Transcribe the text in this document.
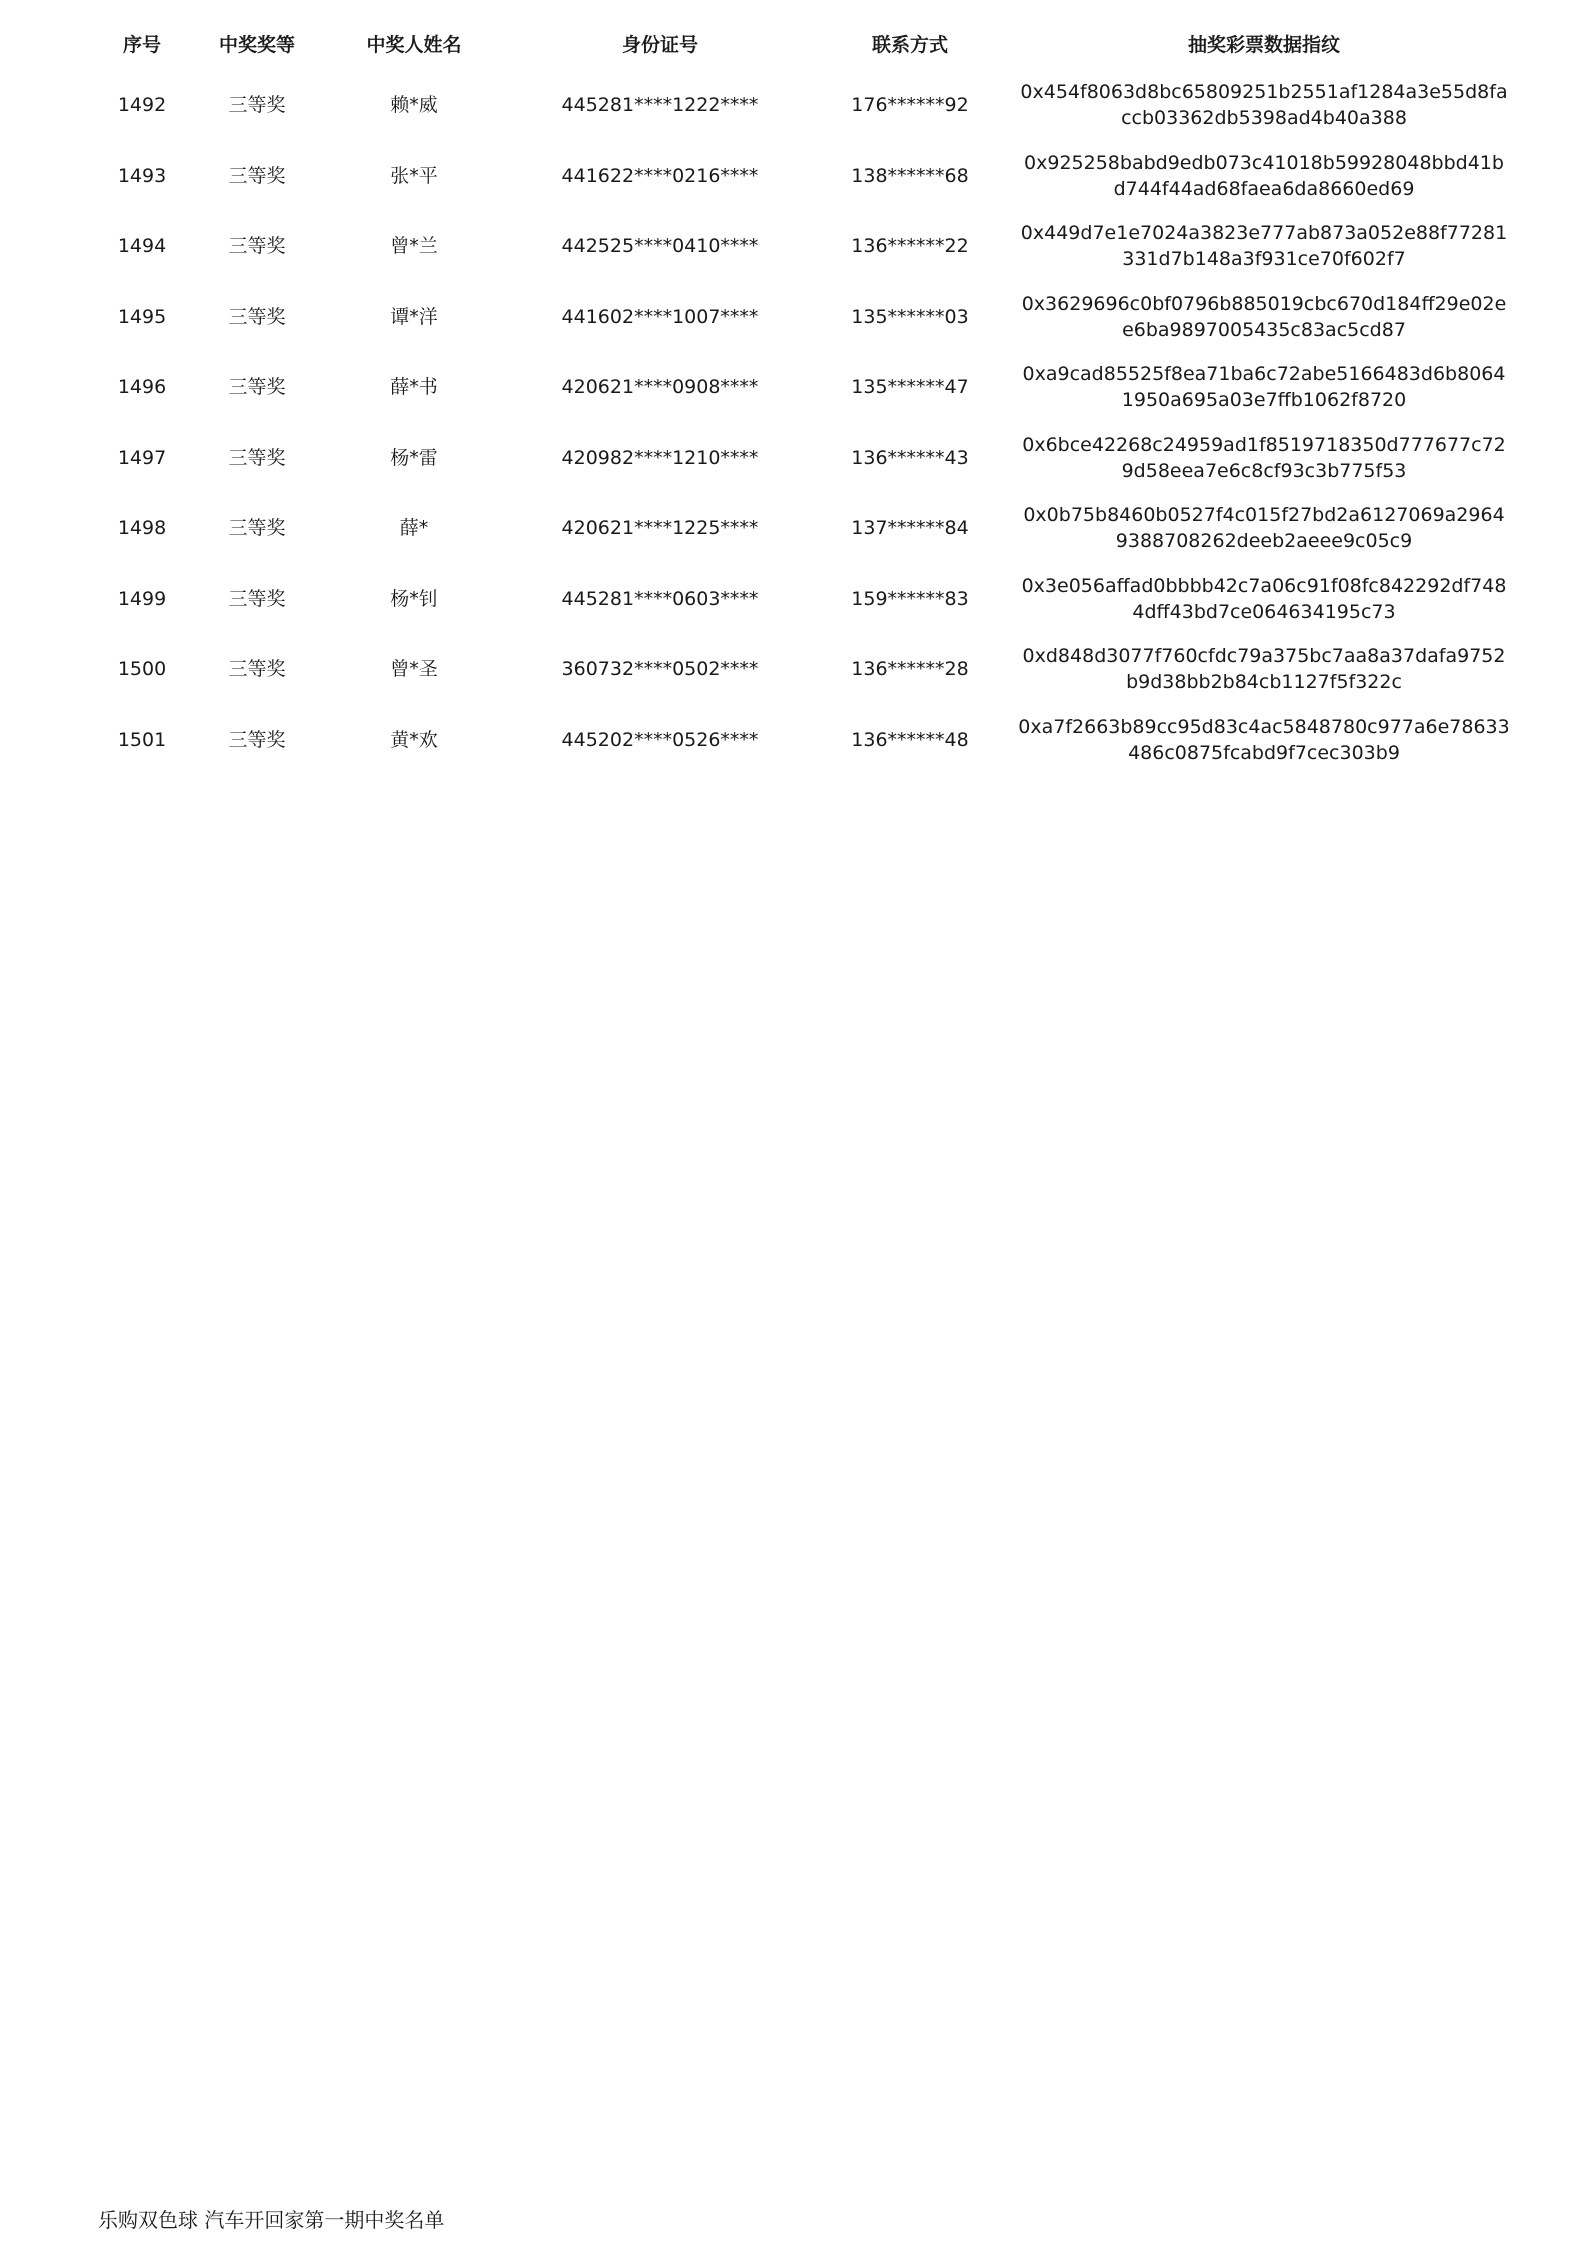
序号	中奖奖等	中奖人姓名	身份证号	联系方式	抽奖彩票数据指纹
1492	三等奖	赖*威	445281****1222****	176******92	0x454f8063d8bc65809251b2551af1284a3e55d8fa
ccb03362db5398ad4b40a388

1493	三等奖	张*平	441622****0216****	138******68	0x925258babd9edb073c41018b59928048bbd41b
d744f44ad68faea6da8660ed69

1494	三等奖	曾*兰	442525****0410****	136******22	0x449d7e1e7024a3823e777ab873a052e88f77281
331d7b148a3f931ce70f602f7

1495	三等奖	谭*洋	441602****1007****	135******03	0x3629696c0bf0796b885019cbc670d184ff29e02e
e6ba9897005435c83ac5cd87

1496	三等奖	薛*书	420621****0908****	135******47	0xa9cad85525f8ea71ba6c72abe5166483d6b8064
1950a695a03e7ffb1062f8720

1497	三等奖	杨*雷	420982****1210****	136******43	0x6bce42268c24959ad1f8519718350d777677c72
9d58eea7e6c8cf93c3b775f53

1498	三等奖	薛*	420621****1225****	137******84	0x0b75b8460b0527f4c015f27bd2a6127069a2964
9388708262deeb2aeee9c05c9

1499	三等奖	杨*钊	445281****0603****	159******83	0x3e056affad0bbbb42c7a06c91f08fc842292df748
4dff43bd7ce064634195c73

1500	三等奖	曾*圣	360732****0502****	136******28	0xd848d3077f760cfdc79a375bc7aa8a37dafa9752
b9d38bb2b84cb1127f5f322c

1501	三等奖	黄*欢	445202****0526****	136******48	0xa7f2663b89cc95d83c4ac5848780c977a6e78633
486c0875fcabd9f7cec303b9
乐购双色球 汽车开回家第一期中奖名单
